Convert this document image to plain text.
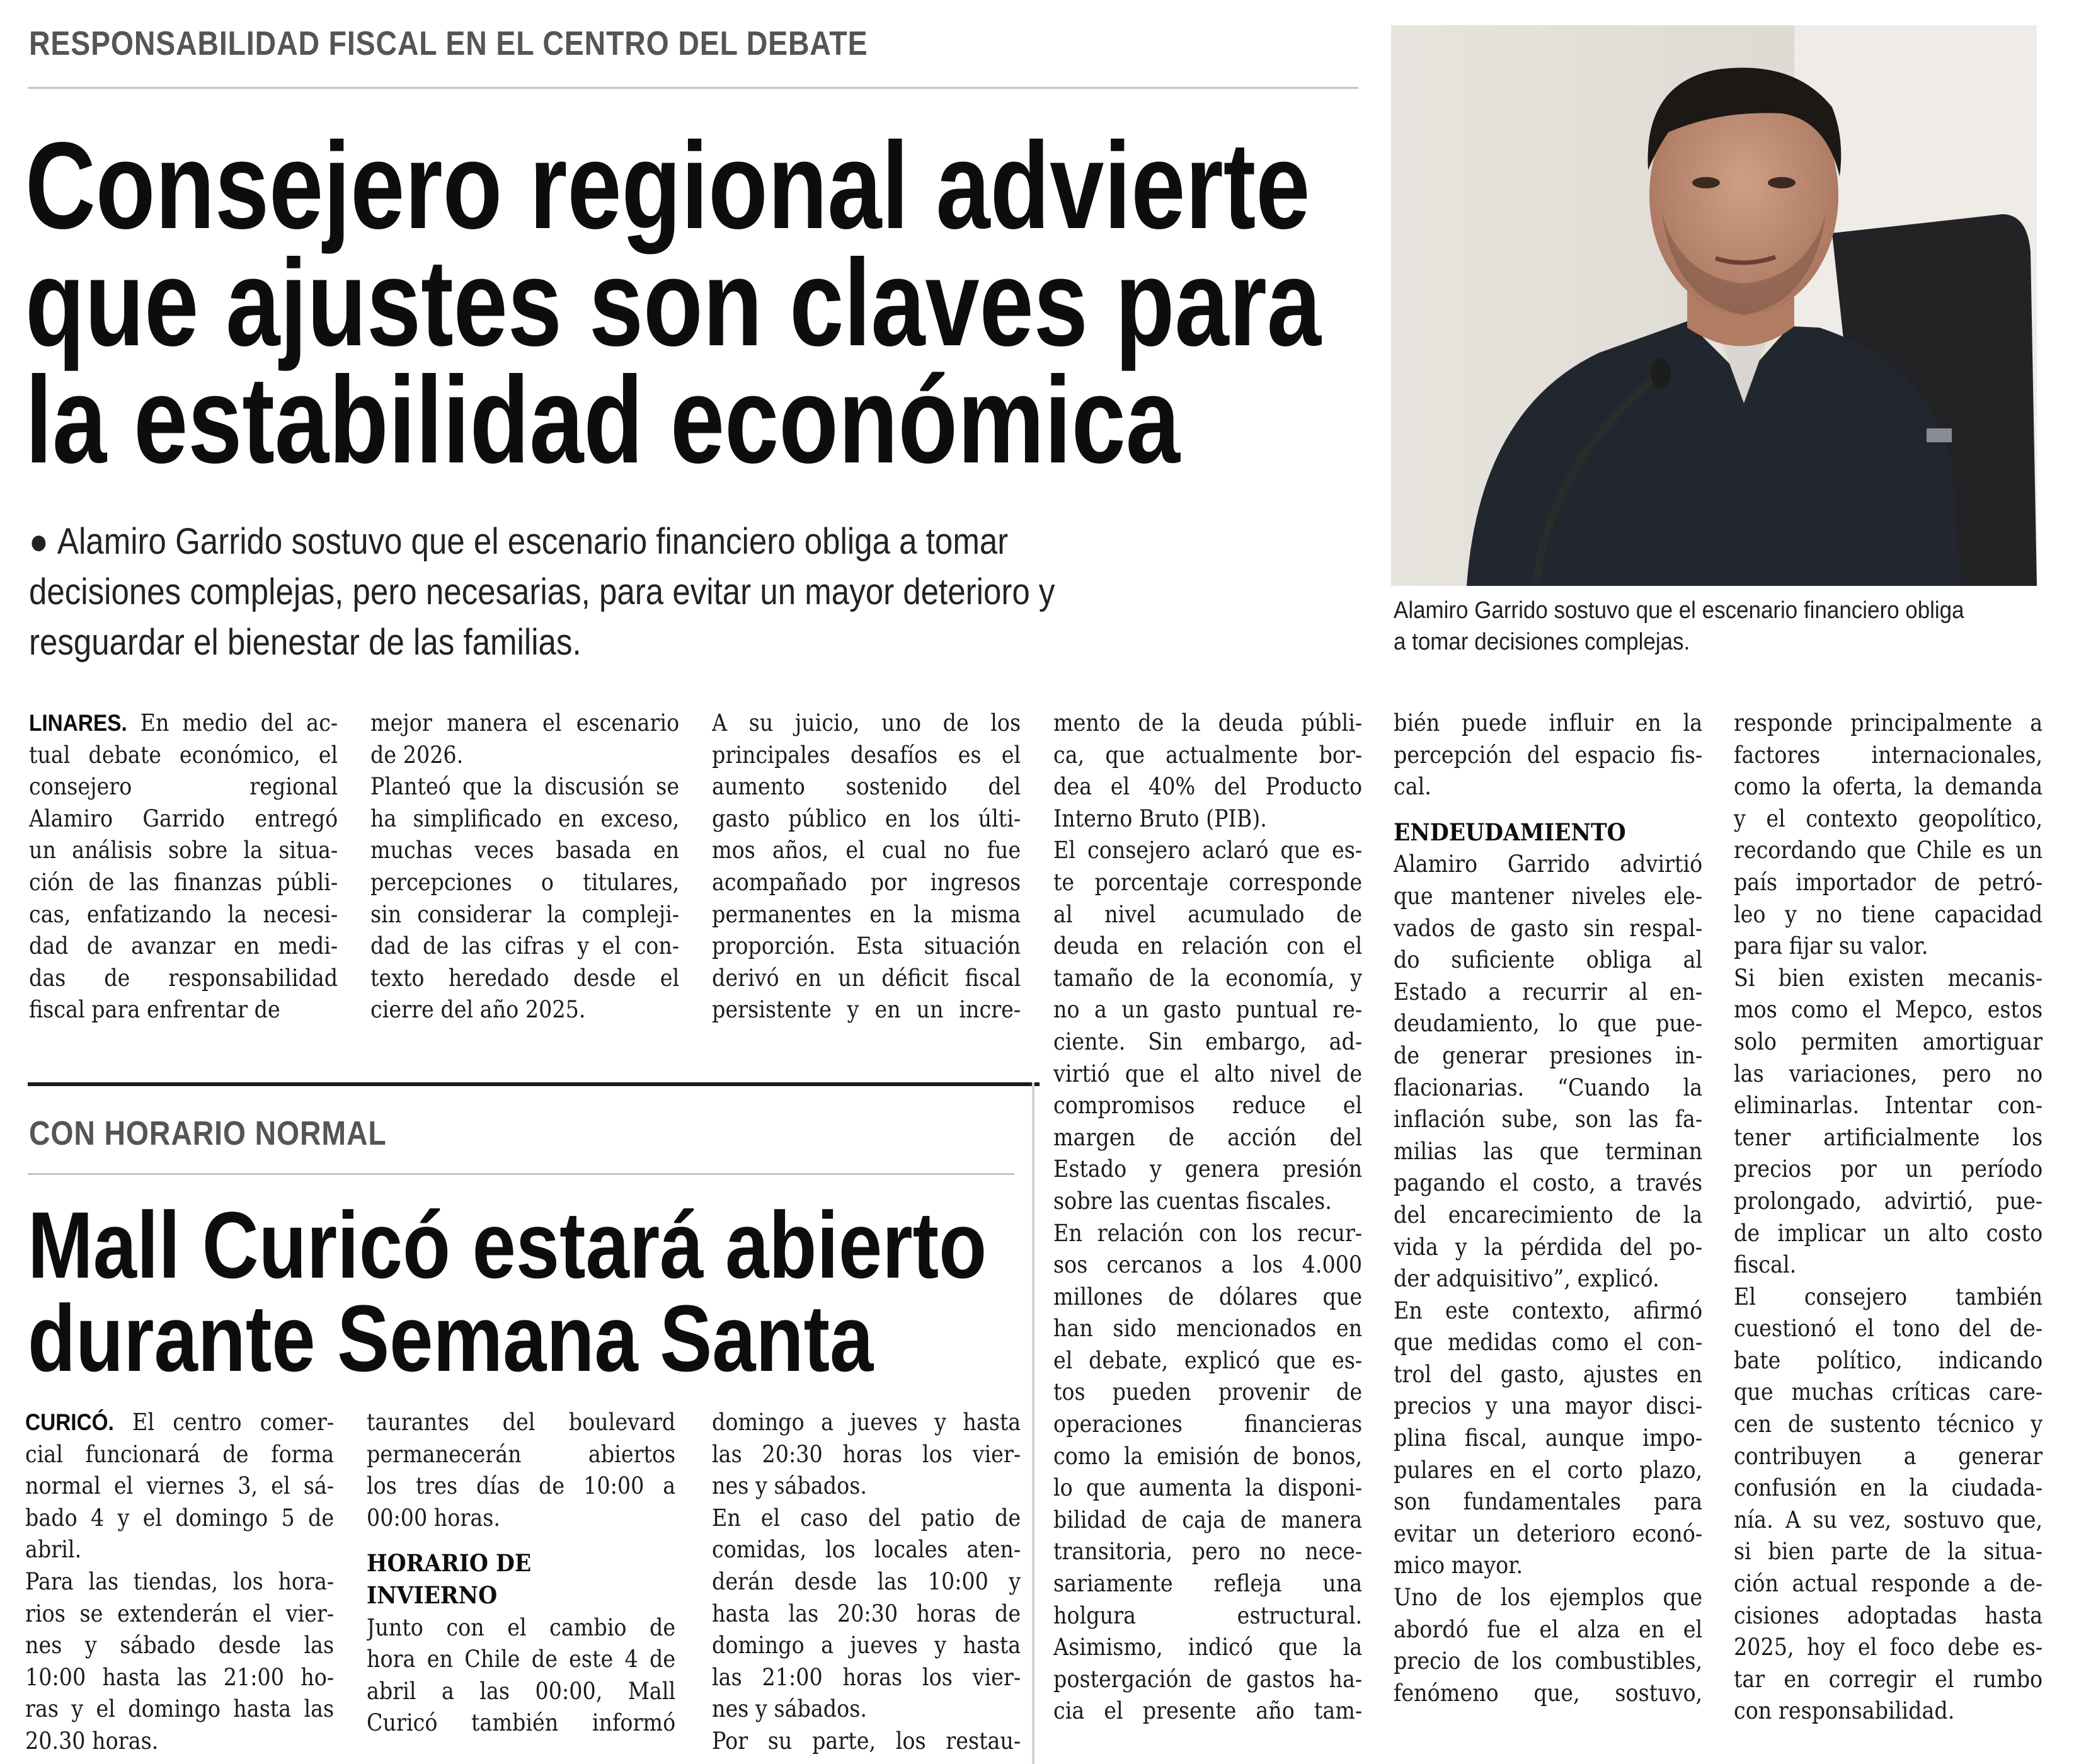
RESPONSABILIDAD FISCAL EN EL CENTRO DEL DEBATE
Consejero regional advierte
que ajustes son claves para
la estabilidad económica
● Alamiro Garrido sostuvo que el escenario financiero obliga a tomar
decisiones complejas, pero necesarias, para evitar un mayor deterioro y
resguardar el bienestar de las familias.
Alamiro Garrido sostuvo que el escenario financiero obliga
a tomar decisiones complejas.
LINARES. En medio del ac-
tual debate económico, el
consejero regional
Alamiro Garrido entregó
un análisis sobre la situa-
ción de las finanzas públi-
cas, enfatizando la necesi-
dad de avanzar en medi-
das de responsabilidad
fiscal para enfrentar de
mejor manera el escenario
de 2026.
Planteó que la discusión se
ha simplificado en exceso,
muchas veces basada en
percepciones o titulares,
sin considerar la compleji-
dad de las cifras y el con-
texto heredado desde el
cierre del año 2025.
A su juicio, uno de los
principales desafíos es el
aumento sostenido del
gasto público en los últi-
mos años, el cual no fue
acompañado por ingresos
permanentes en la misma
proporción. Esta situación
derivó en un déficit fiscal
persistente y en un incre-
mento de la deuda públi-
ca, que actualmente bor-
dea el 40% del Producto
Interno Bruto (PIB).
El consejero aclaró que es-
te porcentaje corresponde
al nivel acumulado de
deuda en relación con el
tamaño de la economía, y
no a un gasto puntual re-
ciente. Sin embargo, ad-
virtió que el alto nivel de
compromisos reduce el
margen de acción del
Estado y genera presión
sobre las cuentas fiscales.
En relación con los recur-
sos cercanos a los 4.000
millones de dólares que
han sido mencionados en
el debate, explicó que es-
tos pueden provenir de
operaciones financieras
como la emisión de bonos,
lo que aumenta la disponi-
bilidad de caja de manera
transitoria, pero no nece-
sariamente refleja una
holgura estructural.
Asimismo, indicó que la
postergación de gastos ha-
cia el presente año tam-
bién puede influir en la
percepción del espacio fis-
cal.
ENDEUDAMIENTO
Alamiro Garrido advirtió
que mantener niveles ele-
vados de gasto sin respal-
do suficiente obliga al
Estado a recurrir al en-
deudamiento, lo que pue-
de generar presiones in-
flacionarias. “Cuando la
inflación sube, son las fa-
milias las que terminan
pagando el costo, a través
del encarecimiento de la
vida y la pérdida del po-
der adquisitivo”, explicó.
En este contexto, afirmó
que medidas como el con-
trol del gasto, ajustes en
precios y una mayor disci-
plina fiscal, aunque impo-
pulares en el corto plazo,
son fundamentales para
evitar un deterioro econó-
mico mayor.
Uno de los ejemplos que
abordó fue el alza en el
precio de los combustibles,
fenómeno que, sostuvo,
responde principalmente a
factores internacionales,
como la oferta, la demanda
y el contexto geopolítico,
recordando que Chile es un
país importador de petró-
leo y no tiene capacidad
para fijar su valor.
Si bien existen mecanis-
mos como el Mepco, estos
solo permiten amortiguar
las variaciones, pero no
eliminarlas. Intentar con-
tener artificialmente los
precios por un período
prolongado, advirtió, pue-
de implicar un alto costo
fiscal.
El consejero también
cuestionó el tono del de-
bate político, indicando
que muchas críticas care-
cen de sustento técnico y
contribuyen a generar
confusión en la ciudada-
nía. A su vez, sostuvo que,
si bien parte de la situa-
ción actual responde a de-
cisiones adoptadas hasta
2025, hoy el foco debe es-
tar en corregir el rumbo
con responsabilidad.
CON HORARIO NORMAL
Mall Curicó estará abierto
durante Semana Santa
CURICÓ. El centro comer-
cial funcionará de forma
normal el viernes 3, el sá-
bado 4 y el domingo 5 de
abril.
Para las tiendas, los hora-
rios se extenderán el vier-
nes y sábado desde las
10:00 hasta las 21:00 ho-
ras y el domingo hasta las
20.30 horas.
taurantes del boulevard
permanecerán abiertos
los tres días de 10:00 a
00:00 horas.
HORARIO DE
INVIERNO
Junto con el cambio de
hora en Chile de este 4 de
abril a las 00:00, Mall
Curicó también informó
domingo a jueves y hasta
las 20:30 horas los vier-
nes y sábados.
En el caso del patio de
comidas, los locales aten-
derán desde las 10:00 y
hasta las 20:30 horas de
domingo a jueves y hasta
las 21:00 horas los vier-
nes y sábados.
Por su parte, los restau-
